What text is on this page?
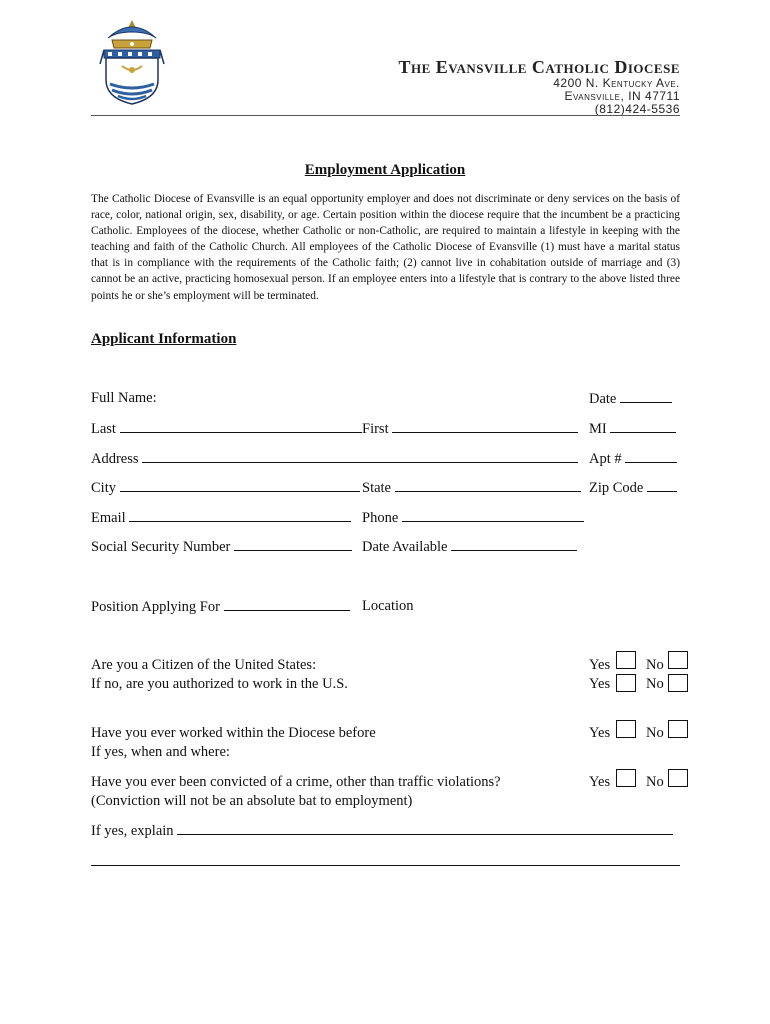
The Evansville Catholic Diocese
4200 N. Kentucky Ave.
Evansville, IN 47711
(812)424-5536
Employment Application
The Catholic Diocese of Evansville is an equal opportunity employer and does not discriminate or deny services on the basis of race, color, national origin, sex, disability, or age. Certain position within the diocese require that the incumbent be a practicing Catholic. Employees of the diocese, whether Catholic or non-Catholic, are required to maintain a lifestyle in keeping with the teaching and faith of the Catholic Church. All employees of the Catholic Diocese of Evansville (1) must have a marital status that is in compliance with the requirements of the Catholic faith; (2) cannot live in cohabitation outside of marriage and (3) cannot be an active, practicing homosexual person. If an employee enters into a lifestyle that is contrary to the above listed three points he or she’s employment will be terminated.
Applicant Information
Full Name:	Date
Last	First	MI
Address	Apt #
City	State	Zip Code
Email	Phone
Social Security Number	Date Available
Position Applying For	Location
Are you a Citizen of the United States:
If no, are you authorized to work in the U.S.
Yes No
Yes No
Have you ever worked within the Diocese before
If yes, when and where:
Yes No
Have you ever been convicted of a crime, other than traffic violations?
(Conviction will not be an absolute bat to employment)
Yes No
If yes, explain
